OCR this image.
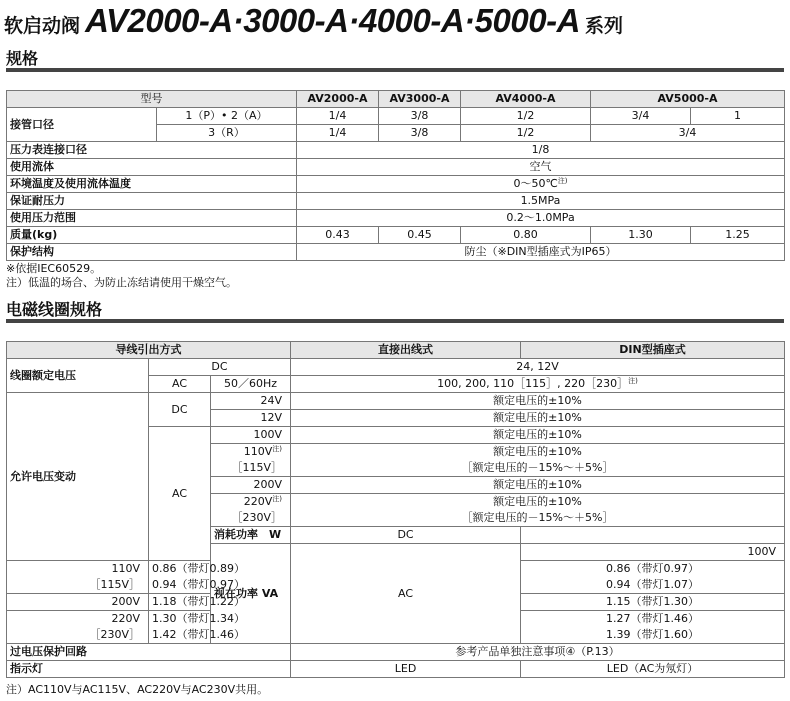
软启动阀 AV2000-A·3000-A·4000-A·5000-A 系列
规格
型号		AV2000-A	AV3000-A	AV4000-A	AV5000-A	
接管口径	1（P）• 2（A）	1/4	3/8	1/2	3/4	1
	3（R）	1/4	3/8	1/2	3/4	
压力表连接口径		1/8				
使用流体		空气				
环境温度及使用流体温度		0～50℃$^{注)}$
保证耐压力		1.5MPa				
使用压力范围		0.2～1.0MPa				
质量(kg)		0.43	0.45	0.80	1.30	1.25
保护结构		防尘（※DIN型插座式为IP65）				
※依据IEC60529。
注）低温的场合、为防止冻结请使用干燥空气。
电磁线圈规格
导线引出方式			直接出线式	DIN型插座式	
线圈额定电压	DC		24, 12V		
	AC	50／60Hz	100, 200, 110［115］, 220［230］$^{注)}$
允许电压变动	DC	24V	额定电压的±10%		
		12V	额定电压的±10%		
	AC	100V	额定电压的±10%		
		$110V^{注)}$	额定电压的±10%		
		［115V］	［额定电压的－15%～＋5%］		
		200V	额定电压的±10%		
		$220V^{注)}$	额定电压的±10%		
		［230V］	［额定电压的－15%～＋5%］		
		消耗功率　W	DC			
		视在功率 VA	AC	100V		
110V	0.86（带灯0.89）			0.86（带灯0.97）	
［115V］	0.94（带灯0.97）			0.94（带灯1.07）	
200V	1.18（带灯1.22）			1.15（带灯1.30）	
220V	1.30（带灯1.34）			1.27（带灯1.46）	
［230V］	1.42（带灯1.46）			1.39（带灯1.60）	
过电压保护回路			参考产品单独注意事项④（P.13）		
指示灯			LED	LED（AC为氖灯）	
注）AC110V与AC115V、AC220V与AC230V共用。
